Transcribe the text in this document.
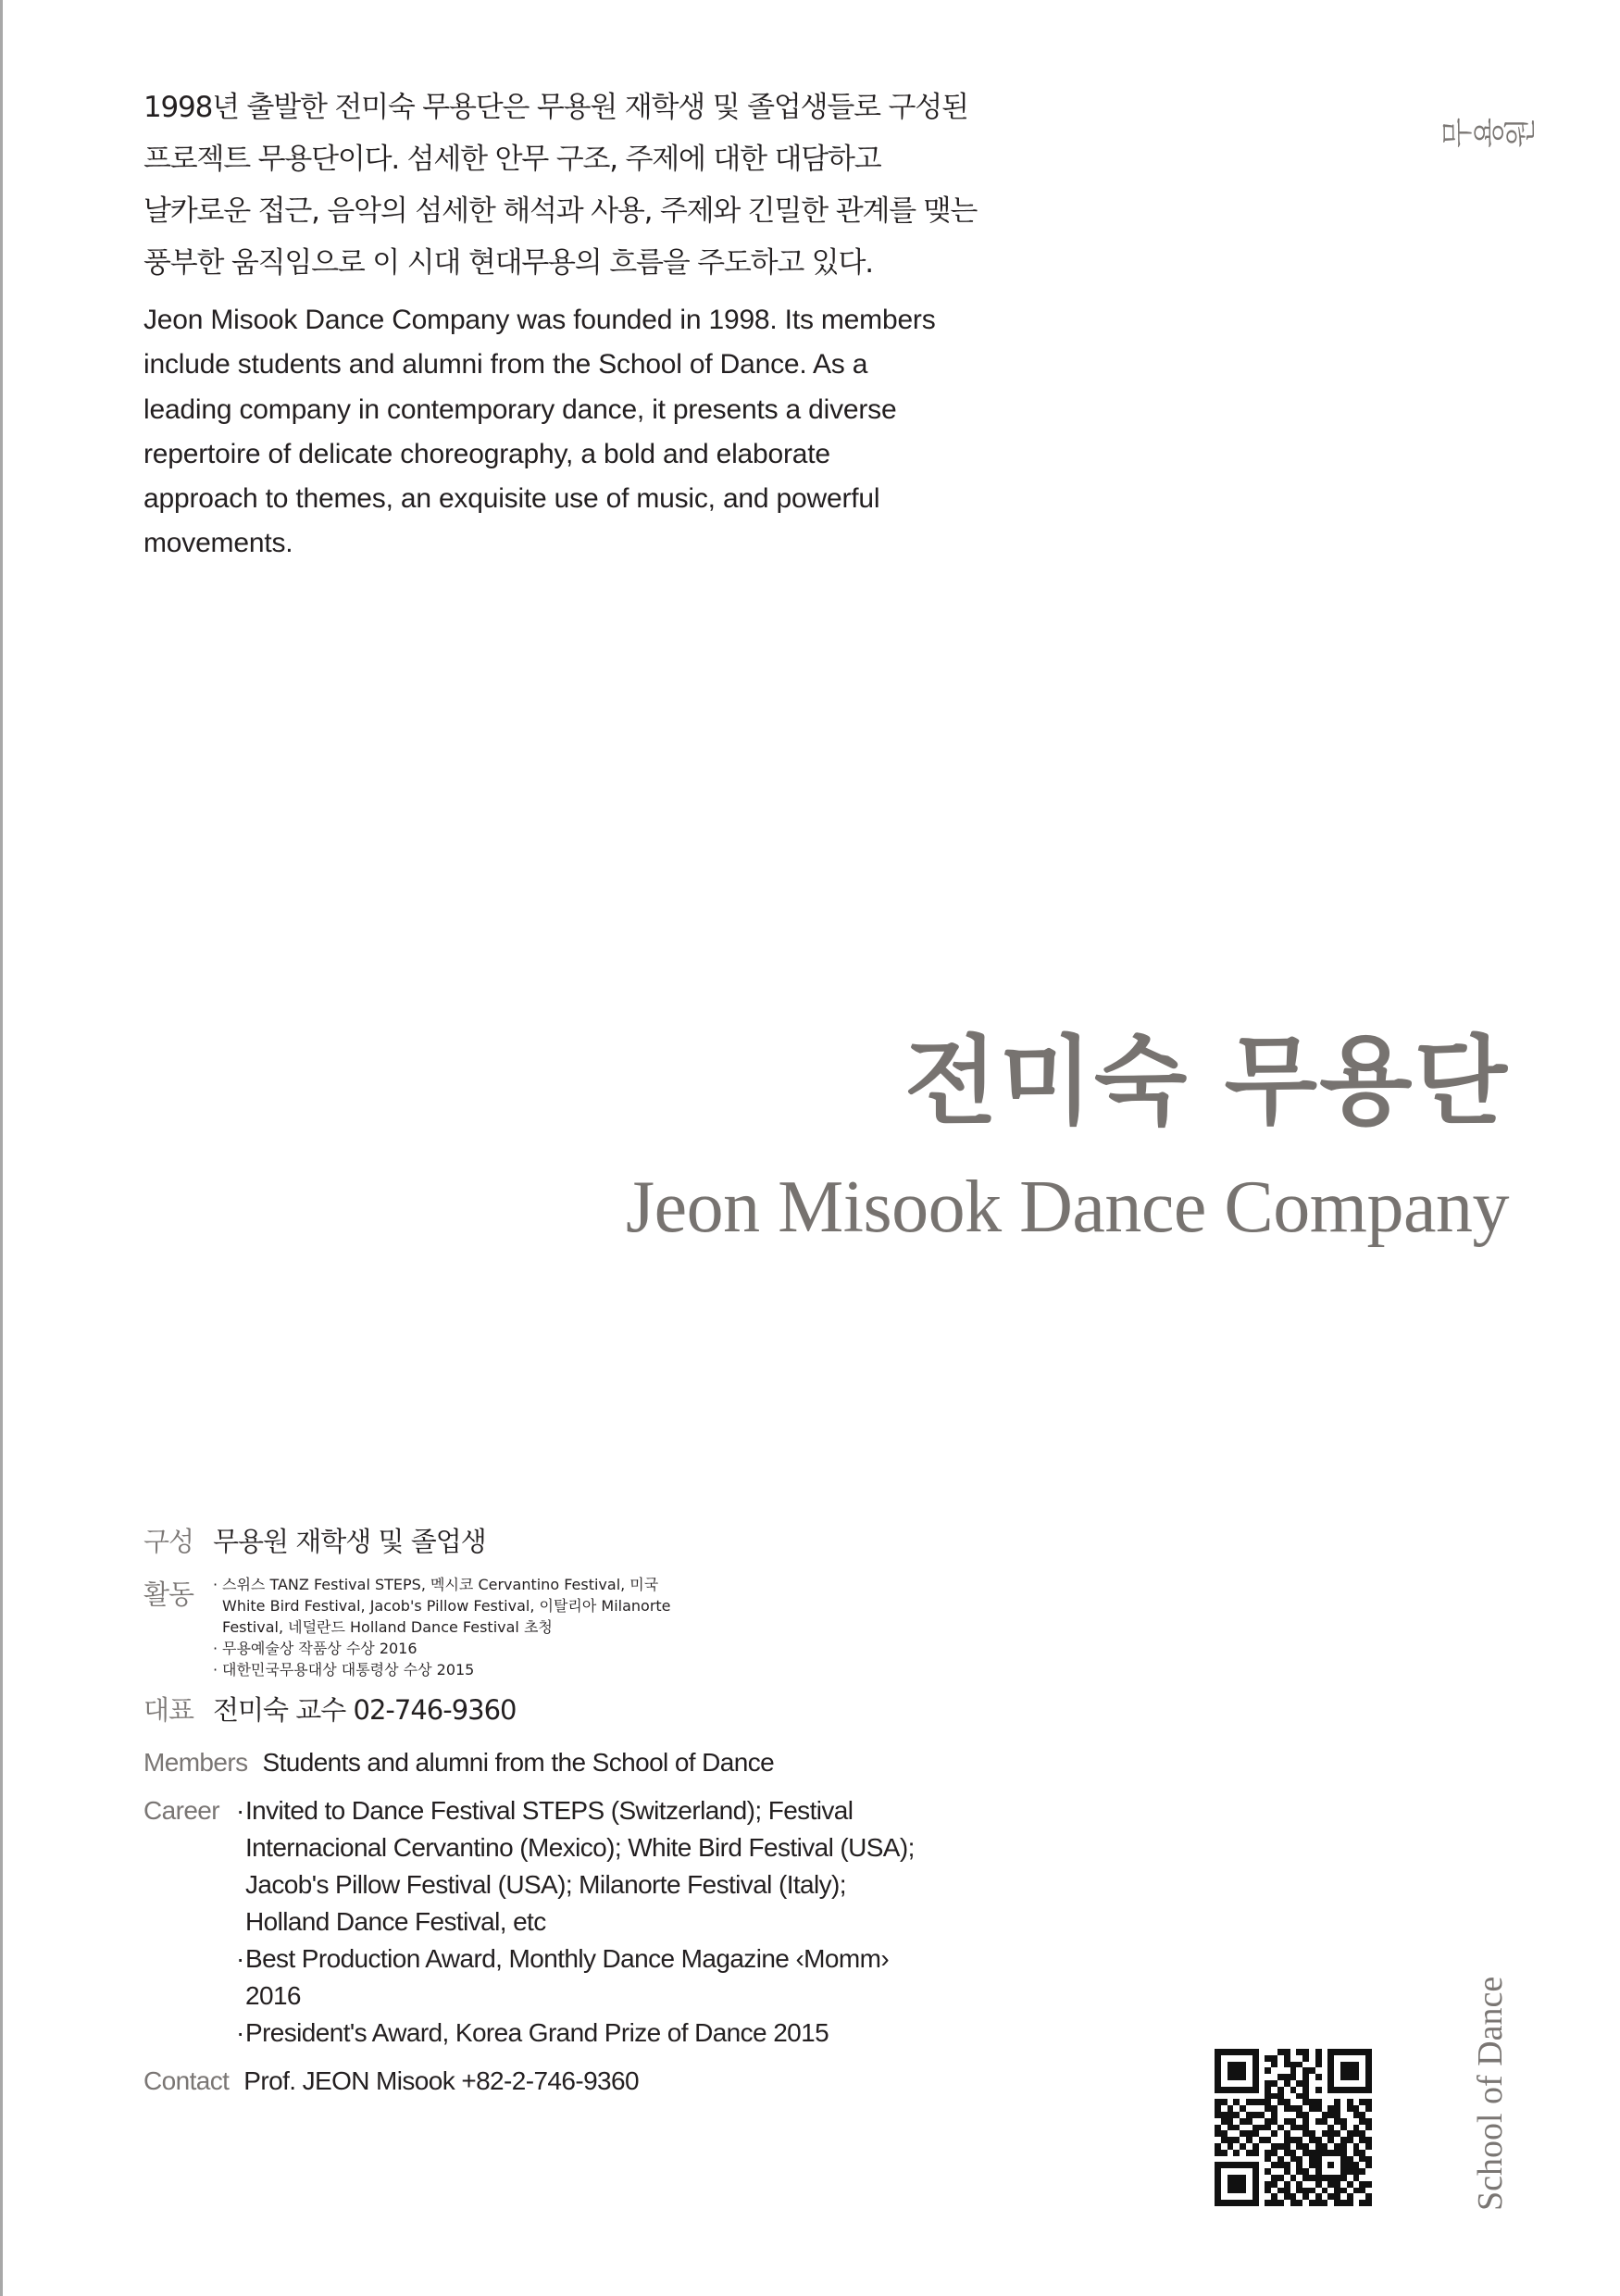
무용원

1998년 출발한 전미숙 무용단은 무용원 재학생 및 졸업생들로 구성된
프로젝트 무용단이다. 섬세한 안무 구조, 주제에 대한 대담하고
날카로운 접근, 음악의 섬세한 해석과 사용, 주제와 긴밀한 관계를 맺는
풍부한 움직임으로 이 시대 현대무용의 흐름을 주도하고 있다.

Jeon Misook Dance Company was founded in 1998. Its members
include students and alumni from the School of Dance. As a
leading company in contemporary dance, it presents a diverse
repertoire of delicate choreography, a bold and elaborate
approach to themes, an exquisite use of music, and powerful
movements.

전미숙 무용단
Jeon Misook Dance Company
구성 무용원 재학생 및 졸업생
활동	· 스위스 TANZ Festival STEPS, 멕시코 Cervantino Festival, 미국
White Bird Festival, Jacob's Pillow Festival, 이탈리아 Milanorte
Festival, 네덜란드 Holland Dance Festival 초청
· 무용예술상 작품상 수상 2016
· 대한민국무용대상 대통령상 수상 2015
대표 전미숙 교수 02-746-9360
Members Students and alumni from the School of Dance
Career ·Invited to Dance Festival STEPS (Switzerland); Festival
Internacional Cervantino (Mexico); White Bird Festival (USA);
Jacob's Pillow Festival (USA); Milanorte Festival (Italy);
Holland Dance Festival, etc
·Best Production Award, Monthly Dance Magazine ‹Momm›
2016
·President's Award, Korea Grand Prize of Dance 2015
Contact Prof. JEON Misook +82-2-746-9360	School of Dance
